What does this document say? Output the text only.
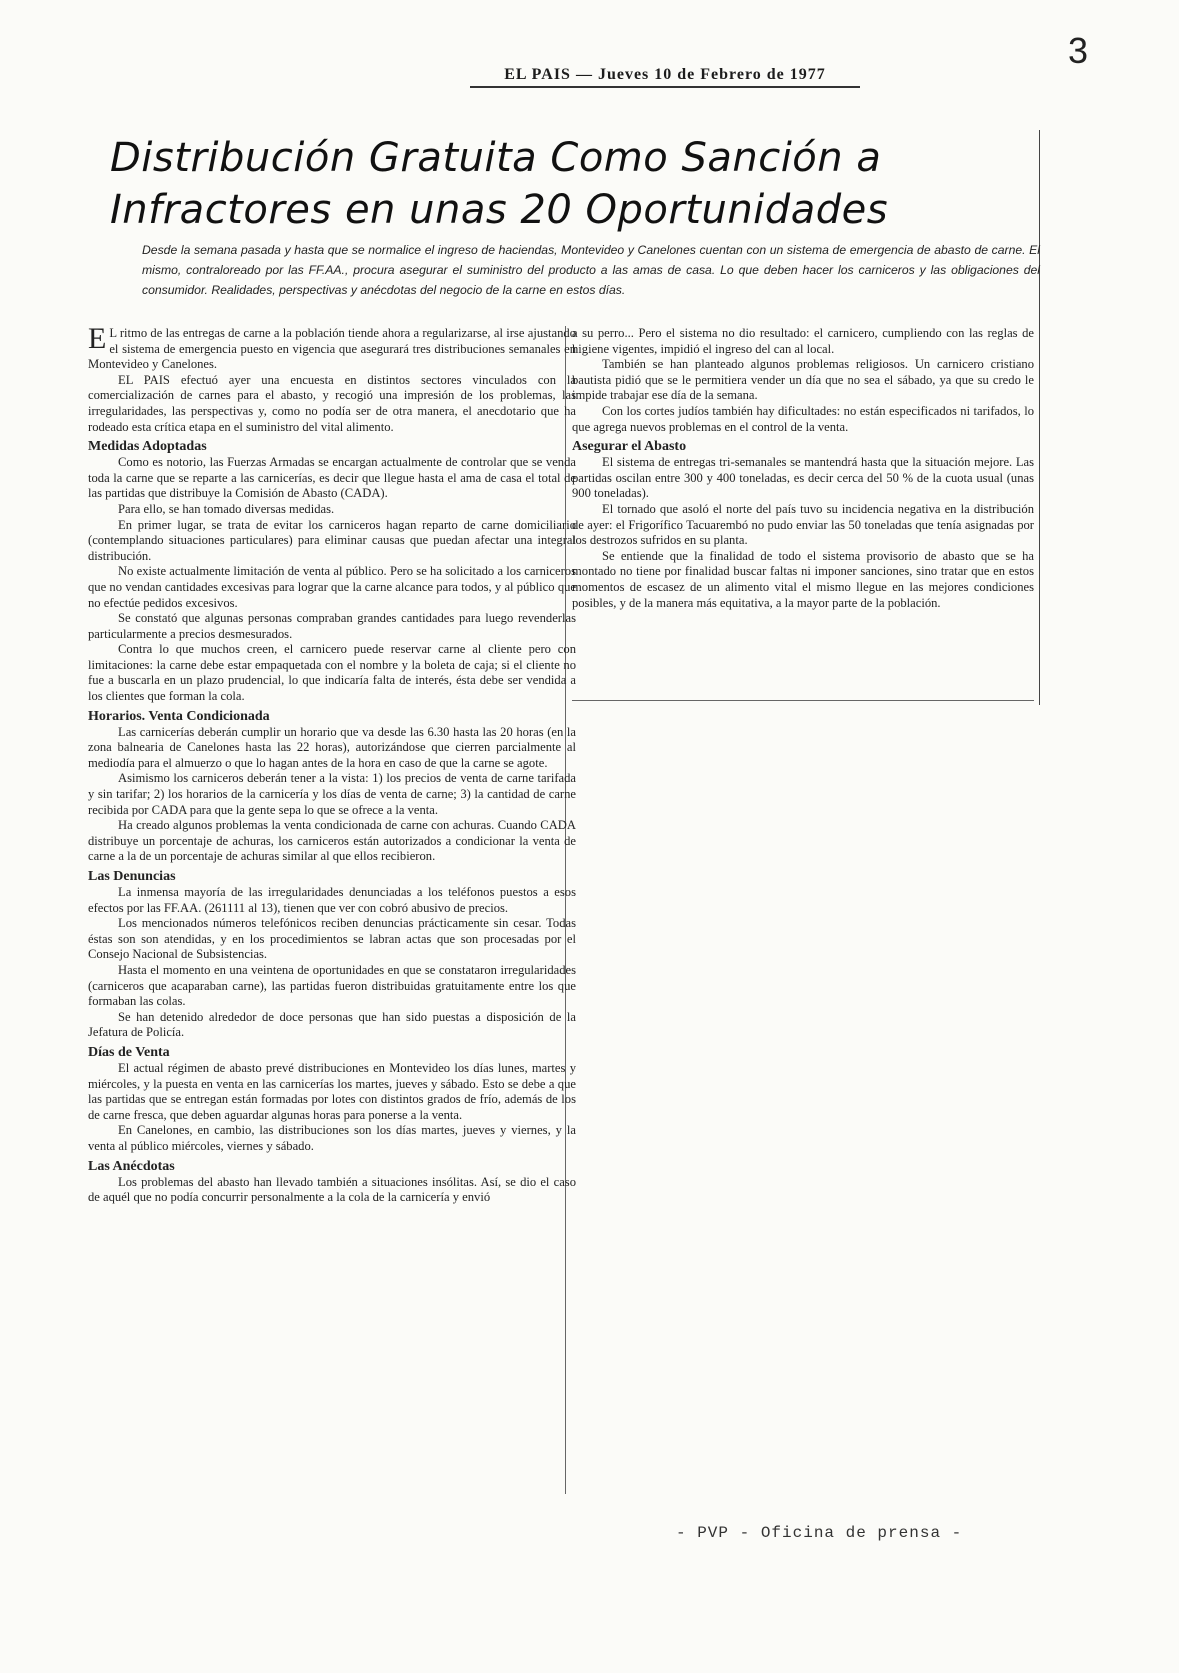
3
EL PAIS — Jueves 10 de Febrero de 1977
Distribución Gratuita Como Sanción a
Infractores en unas 20 Oportunidades
Desde la semana pasada y hasta que se normalice el ingreso de haciendas, Montevideo y Canelones cuentan con un sistema de emergencia de abasto de carne. El mismo, contraloreado por las FF.AA., procura asegurar el suministro del producto a las amas de casa. Lo que deben hacer los carniceros y las obligaciones del consumidor. Realidades, perspectivas y anécdotas del negocio de la carne en estos días.

EL ritmo de las entregas de carne a la población tiende ahora a regularizarse, al irse ajustando el sistema de emergencia puesto en vigencia que asegurará tres distribuciones semanales en Montevideo y Canelones.

EL PAIS efectuó ayer una encuesta en distintos sectores vinculados con la comercialización de carnes para el abasto, y recogió una impresión de los problemas, las irregularidades, las perspectivas y, como no podía ser de otra manera, el anecdotario que ha rodeado esta crítica etapa en el suministro del vital alimento.

Medidas Adoptadas

Como es notorio, las Fuerzas Armadas se encargan actualmente de controlar que se venda toda la carne que se reparte a las carnicerías, es decir que llegue hasta el ama de casa el total de las partidas que distribuye la Comisión de Abasto (CADA).

Para ello, se han tomado diversas medidas.

En primer lugar, se trata de evitar los carniceros hagan reparto de carne domiciliario (contemplando situaciones particulares) para eliminar causas que puedan afectar una integral distribución.

No existe actualmente limitación de venta al público. Pero se ha solicitado a los carniceros que no vendan cantidades excesivas para lograr que la carne alcance para todos, y al público que no efectúe pedidos excesivos.

Se constató que algunas personas compraban grandes cantidades para luego revenderlas particularmente a precios desmesurados.

Contra lo que muchos creen, el carnicero puede reservar carne al cliente pero con limitaciones: la carne debe estar empaquetada con el nombre y la boleta de caja; si el cliente no fue a buscarla en un plazo prudencial, lo que indicaría falta de interés, ésta debe ser vendida a los clientes que forman la cola.

Horarios. Venta Condicionada

Las carnicerías deberán cumplir un horario que va desde las 6.30 hasta las 20 horas (en la zona balnearia de Canelones hasta las 22 horas), autorizándose que cierren parcialmente al mediodía para el almuerzo o que lo hagan antes de la hora en caso de que la carne se agote.

Asimismo los carniceros deberán tener a la vista: 1) los precios de venta de carne tarifada y sin tarifar; 2) los horarios de la carnicería y los días de venta de carne; 3) la cantidad de carne recibida por CADA para que la gente sepa lo que se ofrece a la venta.

Ha creado algunos problemas la venta condicionada de carne con achuras. Cuando CADA distribuye un porcentaje de achuras, los carniceros están autorizados a condicionar la venta de carne a la de un porcentaje de achuras similar al que ellos recibieron.

Las Denuncias

La inmensa mayoría de las irregularidades denunciadas a los teléfonos puestos a esos efectos por las FF.AA. (261111 al 13), tienen que ver con cobró abusivo de precios.

Los mencionados números telefónicos reciben denuncias prácticamente sin cesar. Todas éstas son son atendidas, y en los procedimientos se labran actas que son procesadas por el Consejo Nacional de Subsistencias.

Hasta el momento en una veintena de oportunidades en que se constataron irregularidades (carniceros que acaparaban carne), las partidas fueron distribuidas gratuitamente entre los que formaban las colas.

Se han detenido alrededor de doce personas que han sido puestas a disposición de la Jefatura de Policía.

Días de Venta

El actual régimen de abasto prevé distribuciones en Montevideo los días lunes, martes y miércoles, y la puesta en venta en las carnicerías los martes, jueves y sábado. Esto se debe a que las partidas que se entregan están formadas por lotes con distintos grados de frío, además de los de carne fresca, que deben aguardar algunas horas para ponerse a la venta.

En Canelones, en cambio, las distribuciones son los días martes, jueves y viernes, y la venta al público miércoles, viernes y sábado.

Las Anécdotas

Los problemas del abasto han llevado también a situaciones insólitas. Así, se dio el caso de aquél que no podía concurrir personalmente a la cola de la carnicería y envió

a su perro... Pero el sistema no dio resultado: el carnicero, cumpliendo con las reglas de higiene vigentes, impidió el ingreso del can al local.

También se han planteado algunos problemas religiosos. Un carnicero cristiano bautista pidió que se le permitiera vender un día que no sea el sábado, ya que su credo le impide trabajar ese día de la semana.

Con los cortes judíos también hay dificultades: no están especificados ni tarifados, lo que agrega nuevos problemas en el control de la venta.

Asegurar el Abasto

El sistema de entregas tri-semanales se mantendrá hasta que la situación mejore. Las partidas oscilan entre 300 y 400 toneladas, es decir cerca del 50 % de la cuota usual (unas 900 toneladas).

El tornado que asoló el norte del país tuvo su incidencia negativa en la distribución de ayer: el Frigorífico Tacuarembó no pudo enviar las 50 toneladas que tenía asignadas por los destrozos sufridos en su planta.

Se entiende que la finalidad de todo el sistema provisorio de abasto que se ha montado no tiene por finalidad buscar faltas ni imponer sanciones, sino tratar que en estos momentos de escasez de un alimento vital el mismo llegue en las mejores condiciones posibles, y de la manera más equitativa, a la mayor parte de la población.

- PVP - Oficina de prensa -
